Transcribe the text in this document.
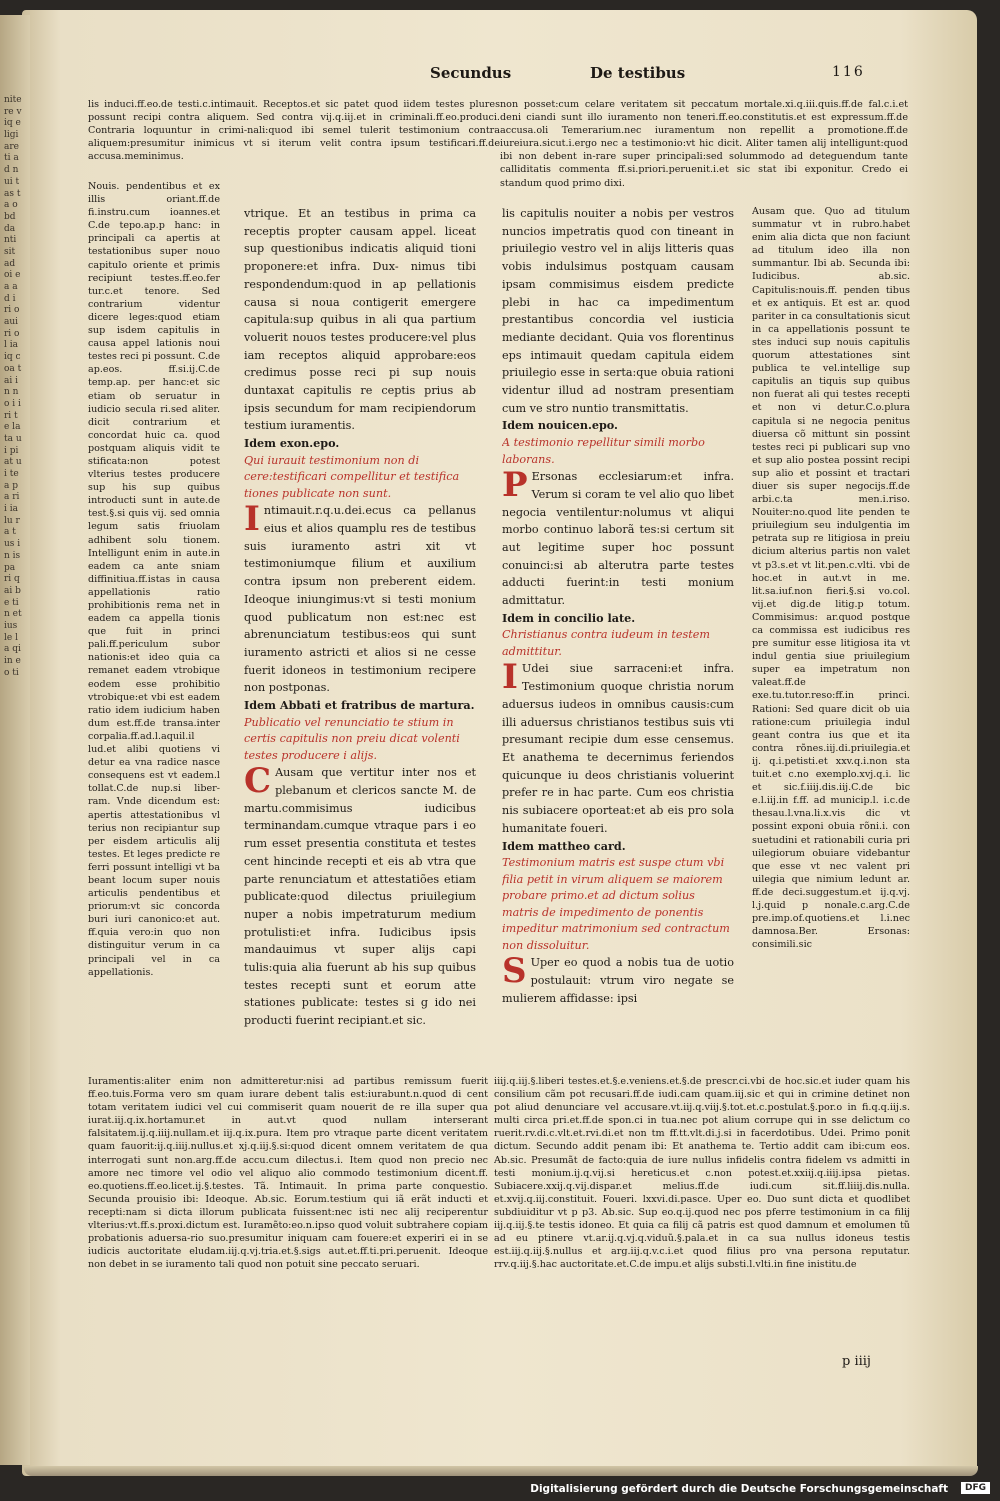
nitere viq eligiare ti ad nui tas ta obd da nti sit ad oi ea ad i ri o aui ri ol ia iq c oa t ai in no i i ri te la ta ui pi at ui te a pa ri i ia lu r a t us in is pa ri q ai be ti n et ius le la qi in eo ti
Secundus	De testibus	116

lis induci.ff.eo.de testi.c.intimauit. Receptos.et sic patet quod iidem testes plures possunt recipi contra aliquem. Sed contra vij.q.iij.et in criminali.ff.eo.produci. Contraria loquuntur in crimi-nali:quod ibi semel tulerit testimonium contra aliquem:presumitur inimicus vt si iterum velit contra ipsum testificari.ff.de accusa.meminimus.

non posset:cum celare veritatem sit peccatum mortale.xi.q.iii.quis.ff.de fal.c.i.et deni ciandi sunt illo iuramento non teneri.ff.eo.constitutis.et est expressum.ff.de accusa.oli Temerarium.nec iuramentum non repellit a promotione.ff.de iureiura.sicut.i.ergo nec a testimonio:vt hic dicit. Aliter tamen alij intelligunt:quod ibi non debent in-rare super principali:sed solummodo ad deteguendum tante calliditatis commenta ff.si.priori.peruenit.i.et sic stat ibi exponitur. Credo ei standum quod primo dixi.

Nouis. pendentibus et ex illis oriant.ff.de fi.instru.cum ioannes.et C.de tepo.ap.p hanc: in principali ca apertis at testationibus super nouo capitulo oriente et primis recipiunt testes.ff.eo.fer tur.c.et tenore. Sed contrarium videntur dicere leges:quod etiam sup isdem capitulis in causa appel lationis noui testes reci pi possunt. C.de ap.eos. ff.si.ij.C.de temp.ap. per hanc:et sic etiam ob seruatur in iudicio secula ri.sed aliter. dicit contrarium et concordat huic ca. quod postquam aliquis vidit te stificata:non potest vlterius testes producere sup his sup quibus introducti sunt in aute.de test.§.si quis vij. sed omnia legum satis friuolam adhibent solu tionem. Intelligunt enim in aute.in eadem ca ante sniam diffinitiua.ff.istas in causa appellationis ratio prohibitionis rema net in eadem ca appella tionis que fuit in princi pali.ff.periculum subor nationis:et ideo quia ca remanet eadem vtrobique eodem esse prohibitio vtrobique:et vbi est eadem ratio idem iudicium haben dum est.ff.de transa.inter corpalia.ff.ad.l.aquil.il lud.et alibi quotiens vi detur ea vna radice nasce consequens est vt eadem.l tollat.C.de nup.si liber-ram. Vnde dicendum est: apertis attestationibus vl terius non recipiantur sup per eisdem articulis alij testes. Et leges predicte re ferri possunt intelligi vt ba beant locum super nouis articulis pendentibus et priorum:vt sic concorda buri iuri canonico:et aut. ff.quia vero:in quo non distinguitur verum in ca principali vel in ca appellationis.

vtrique. Et an testibus in prima ca receptis propter causam appel. liceat sup questionibus indicatis aliquid tioni proponere:et infra. Dux- nimus tibi respondendum:quod in ap pellationis causa si noua contigerit emergere capitula:sup quibus in ali qua partium voluerit nouos testes producere:vel plus iam receptos aliquid approbare:eos credimus posse reci pi sup nouis duntaxat capitulis re ceptis prius ab ipsis secundum for mam recipiendorum testium iuramentis.

Idem exon.epo.

Qui iurauit testimonium non di cere:testificari compellitur et testifica tiones publicate non sunt.

Intimauit.r.q.u.dei.ecus ca pellanus eius et alios quamplu res de testibus suis iuramento astri xit vt testimoniumque filium et auxilium contra ipsum non preberent eidem. Ideoque iniungimus:vt si testi monium quod publicatum non est:nec est abrenunciatum testibus:eos qui sunt iuramento astricti et alios si ne cesse fuerit idoneos in testimonium recipere non postponas.

Idem Abbati et fratribus de martura.

Publicatio vel renunciatio te stium in certis capitulis non preiu dicat volenti testes producere i alijs.

C Ausam que vertitur inter nos et plebanum et clericos sancte M. de martu.commisimus iudicibus terminandam.cumque vtraque pars i eo rum esset presentia constituta et testes cent hincinde recepti et eis ab vtra que parte renunciatum et attestatiões etiam publicate:quod dilectus priuilegium nuper a nobis impetraturum medium protulisti:et infra. Iudicibus ipsis mandauimus vt super alijs capi tulis:quia alia fuerunt ab his sup quibus testes recepti sunt et eorum atte stationes publicate: testes si g ido nei producti fuerint recipiant.et sic.

lis capitulis nouiter a nobis per vestros nuncios impetratis quod con tineant in priuilegio vestro vel in alijs litteris quas vobis indulsimus postquam causam ipsam commisimus eisdem predicte plebi in hac ca impedimentum prestantibus concordia vel iusticia mediante decidant. Quia vos florentinus eps intimauit quedam capitula eidem priuilegio esse in serta:que obuia rationi videntur illud ad nostram presentiam cum ve stro nuntio transmittatis.

Idem nouicen.epo.

A testimonio repellitur simili morbo laborans.

P Ersonas ecclesiarum:et infra. Verum si coram te vel alio quo libet negocia ventilentur:nolumus vt aliqui morbo continuo laborã tes:si certum sit aut legitime super hoc possunt conuinci:si ab alterutra parte testes adducti fuerint:in testi monium admittatur.

Idem in concilio late.

Christianus contra iudeum in testem admittitur.

I Udei siue sarraceni:et infra. Testimonium quoque christia norum aduersus iudeos in omnibus causis:cum illi aduersus christianos testibus suis vti presumant recipie dum esse censemus. Et anathema te decernimus feriendos quicunque iu deos christianis voluerint prefer re in hac parte. Cum eos christia nis subiacere oporteat:et ab eis pro sola humanitate foueri.

Idem mattheo card.

Testimonium matris est suspe ctum vbi filia petit in virum aliquem se maiorem probare primo.et ad dictum solius matris de impedimento de ponentis impeditur matrimonium sed contractum non dissoluitur.

S Uper eo quod a nobis tua de uotio postulauit: vtrum viro negate se mulierem affidasse: ipsi

Ausam que. Quo ad titulum summatur vt in rubro.habet enim alia dicta que non faciunt ad titulum ideo illa non summantur. Ibi ab. Secunda ibi: Iudicibus. ab.sic. Capitulis:nouis.ff. penden tibus et ex antiquis. Et est ar. quod pariter in ca consultationis sicut in ca appellationis possunt te stes induci sup nouis capitulis quorum attestationes sint publica te vel.intellige sup capitulis an tiquis sup quibus non fuerat ali qui testes recepti et non vi detur.C.o.plura capitula si ne negocia penitus diuersa cõ mittunt sin possint testes reci pi publicari sup vno et sup alio postea possint recipi sup alio et possint et tractari diuer sis super negocijs.ff.de arbi.c.ta men.i.riso. Nouiter:no.quod lite penden te priuilegium seu indulgentia im petrata sup re litigiosa in preiu dicium alterius partis non valet vt p3.s.et vt lit.pen.c.vlti. vbi de hoc.et in aut.vt in me. lit.sa.iuf.non fieri.§.si vo.col. vij.et dig.de litig.p totum. Commisimus: ar.quod postque ca commissa est iudicibus res pre sumitur esse litigiosa ita vt indul gentia siue priuilegium super ea impetratum non valeat.ff.de exe.tu.tutor.reso:ff.in princi. Rationi: Sed quare dicit ob uia ratione:cum priuilegia indul geant contra ius que et ita contra rõnes.iij.di.priuilegia.et ij. q.i.petisti.et xxv.q.i.non sta tuit.et c.no exemplo.xvj.q.i. lic et sic.f.iiij.dis.iij.C.de bic e.l.iij.in f.ff. ad municip.l. i.c.de thesau.l.vna.li.x.vis dic vt possint exponi obuia rõni.i. con suetudini et rationabili curia pri uilegiorum obuiare videbantur que esse vt nec valent pri uilegia que nimium ledunt ar. ff.de deci.suggestum.et ij.q.vj. l.j.quid p nonale.c.arg.C.de pre.imp.of.quotiens.et l.i.nec damnosa.Ber. Ersonas: consimili.sic

Iuramentis:aliter enim non admitteretur:nisi ad partibus remissum fuerit ff.eo.tuis.Forma vero sm quam iurare debent talis est:iurabunt.n.quod di cent totam veritatem iudici vel cui commiserit quam nouerit de re illa super qua iurat.iij.q.ix.hortamur.et in aut.vt quod nullam interserant falsitatem.ij.q.iiij.nullam.et iij.q.ix.pura. Item pro vtraque parte dicent veritatem quam fauorit:ij.q.iiij.nullus.et xj.q.iij.§.si:quod dicent omnem veritatem de qua interrogati sunt non.arg.ff.de accu.cum dilectus.i. Item quod non precio nec amore nec timore vel odio vel aliquo alio commodo testimonium dicent.ff. eo.quotiens.ff.eo.licet.ij.§.testes. Tã. Intimauit. In prima parte conquestio. Secunda prouisio ibi: Ideoque. Ab.sic. Eorum.testium qui iã erãt inducti et recepti:nam si dicta illorum publicata fuissent:nec isti nec alij reciperentur vlterius:vt.ff.s.proxi.dictum est. Iuramẽto:eo.n.ipso quod voluit subtrahere copiam probationis aduersa-rio suo.presumitur iniquam cam fouere:et experiri ei in se iudicis auctoritate eludam.iij.q.vj.tria.et.§.sigs aut.et.ff.ti.pri.peruenit. Ideoque non debet in se iuramento tali quod non potuit sine peccato seruari.

iiij.q.iij.§.liberi testes.et.§.e.veniens.et.§.de prescr.ci.vbi de hoc.sic.et iuder quam his consilium cãm pot recusari.ff.de iudi.cam quam.iij.sic et qui in crimine detinet non pot aliud denunciare vel accusare.vt.iij.q.viij.§.tot.et.c.postulat.§.por.o in fi.q.q.iij.s. multi circa pri.et.ff.de spon.ci in tua.nec pot alium corrupe qui in sse delictum co ruerit.rv.di.c.vlt.et.rvi.di.et non tm ff.tt.vlt.di.j.si in facerdotibus. Udei. Primo ponit dictum. Secundo addit penam ibi: Et anathema te. Tertio addit cam ibi:cum eos. Ab.sic. Presumãt de facto:quia de iure nullus infidelis contra fidelem vs admitti in testi monium.ij.q.vij.si hereticus.et c.non potest.et.xxiij.q.iiij.ipsa pietas. Subiacere.xxij.q.vij.dispar.et melius.ff.de iudi.cum sit.ff.liiij.dis.nulla. et.xvij.q.iij.constituit. Foueri. lxxvi.di.pasce. Uper eo. Duo sunt dicta et quodlibet subdiuiditur vt p p3. Ab.sic. Sup eo.q.ij.quod nec pos pferre testimonium in ca filij iij.q.iij.§.te testis idoneo. Et quia ca filij cã patris est quod damnum et emolumen tũ ad eu ptinere vt.ar.ij.q.vj.q.viduũ.§.pala.et in ca sua nullus idoneus testis est.iij.q.iij.§.nullus et arg.iij.q.v.c.i.et quod filius pro vna persona reputatur. rrv.q.iij.§.hac auctoritate.et.C.de impu.et alijs substi.l.vlti.in fine inistitu.de

p iiij
Digitalisierung gefördert durch die Deutsche Forschungsgemeinschaft	DFG
